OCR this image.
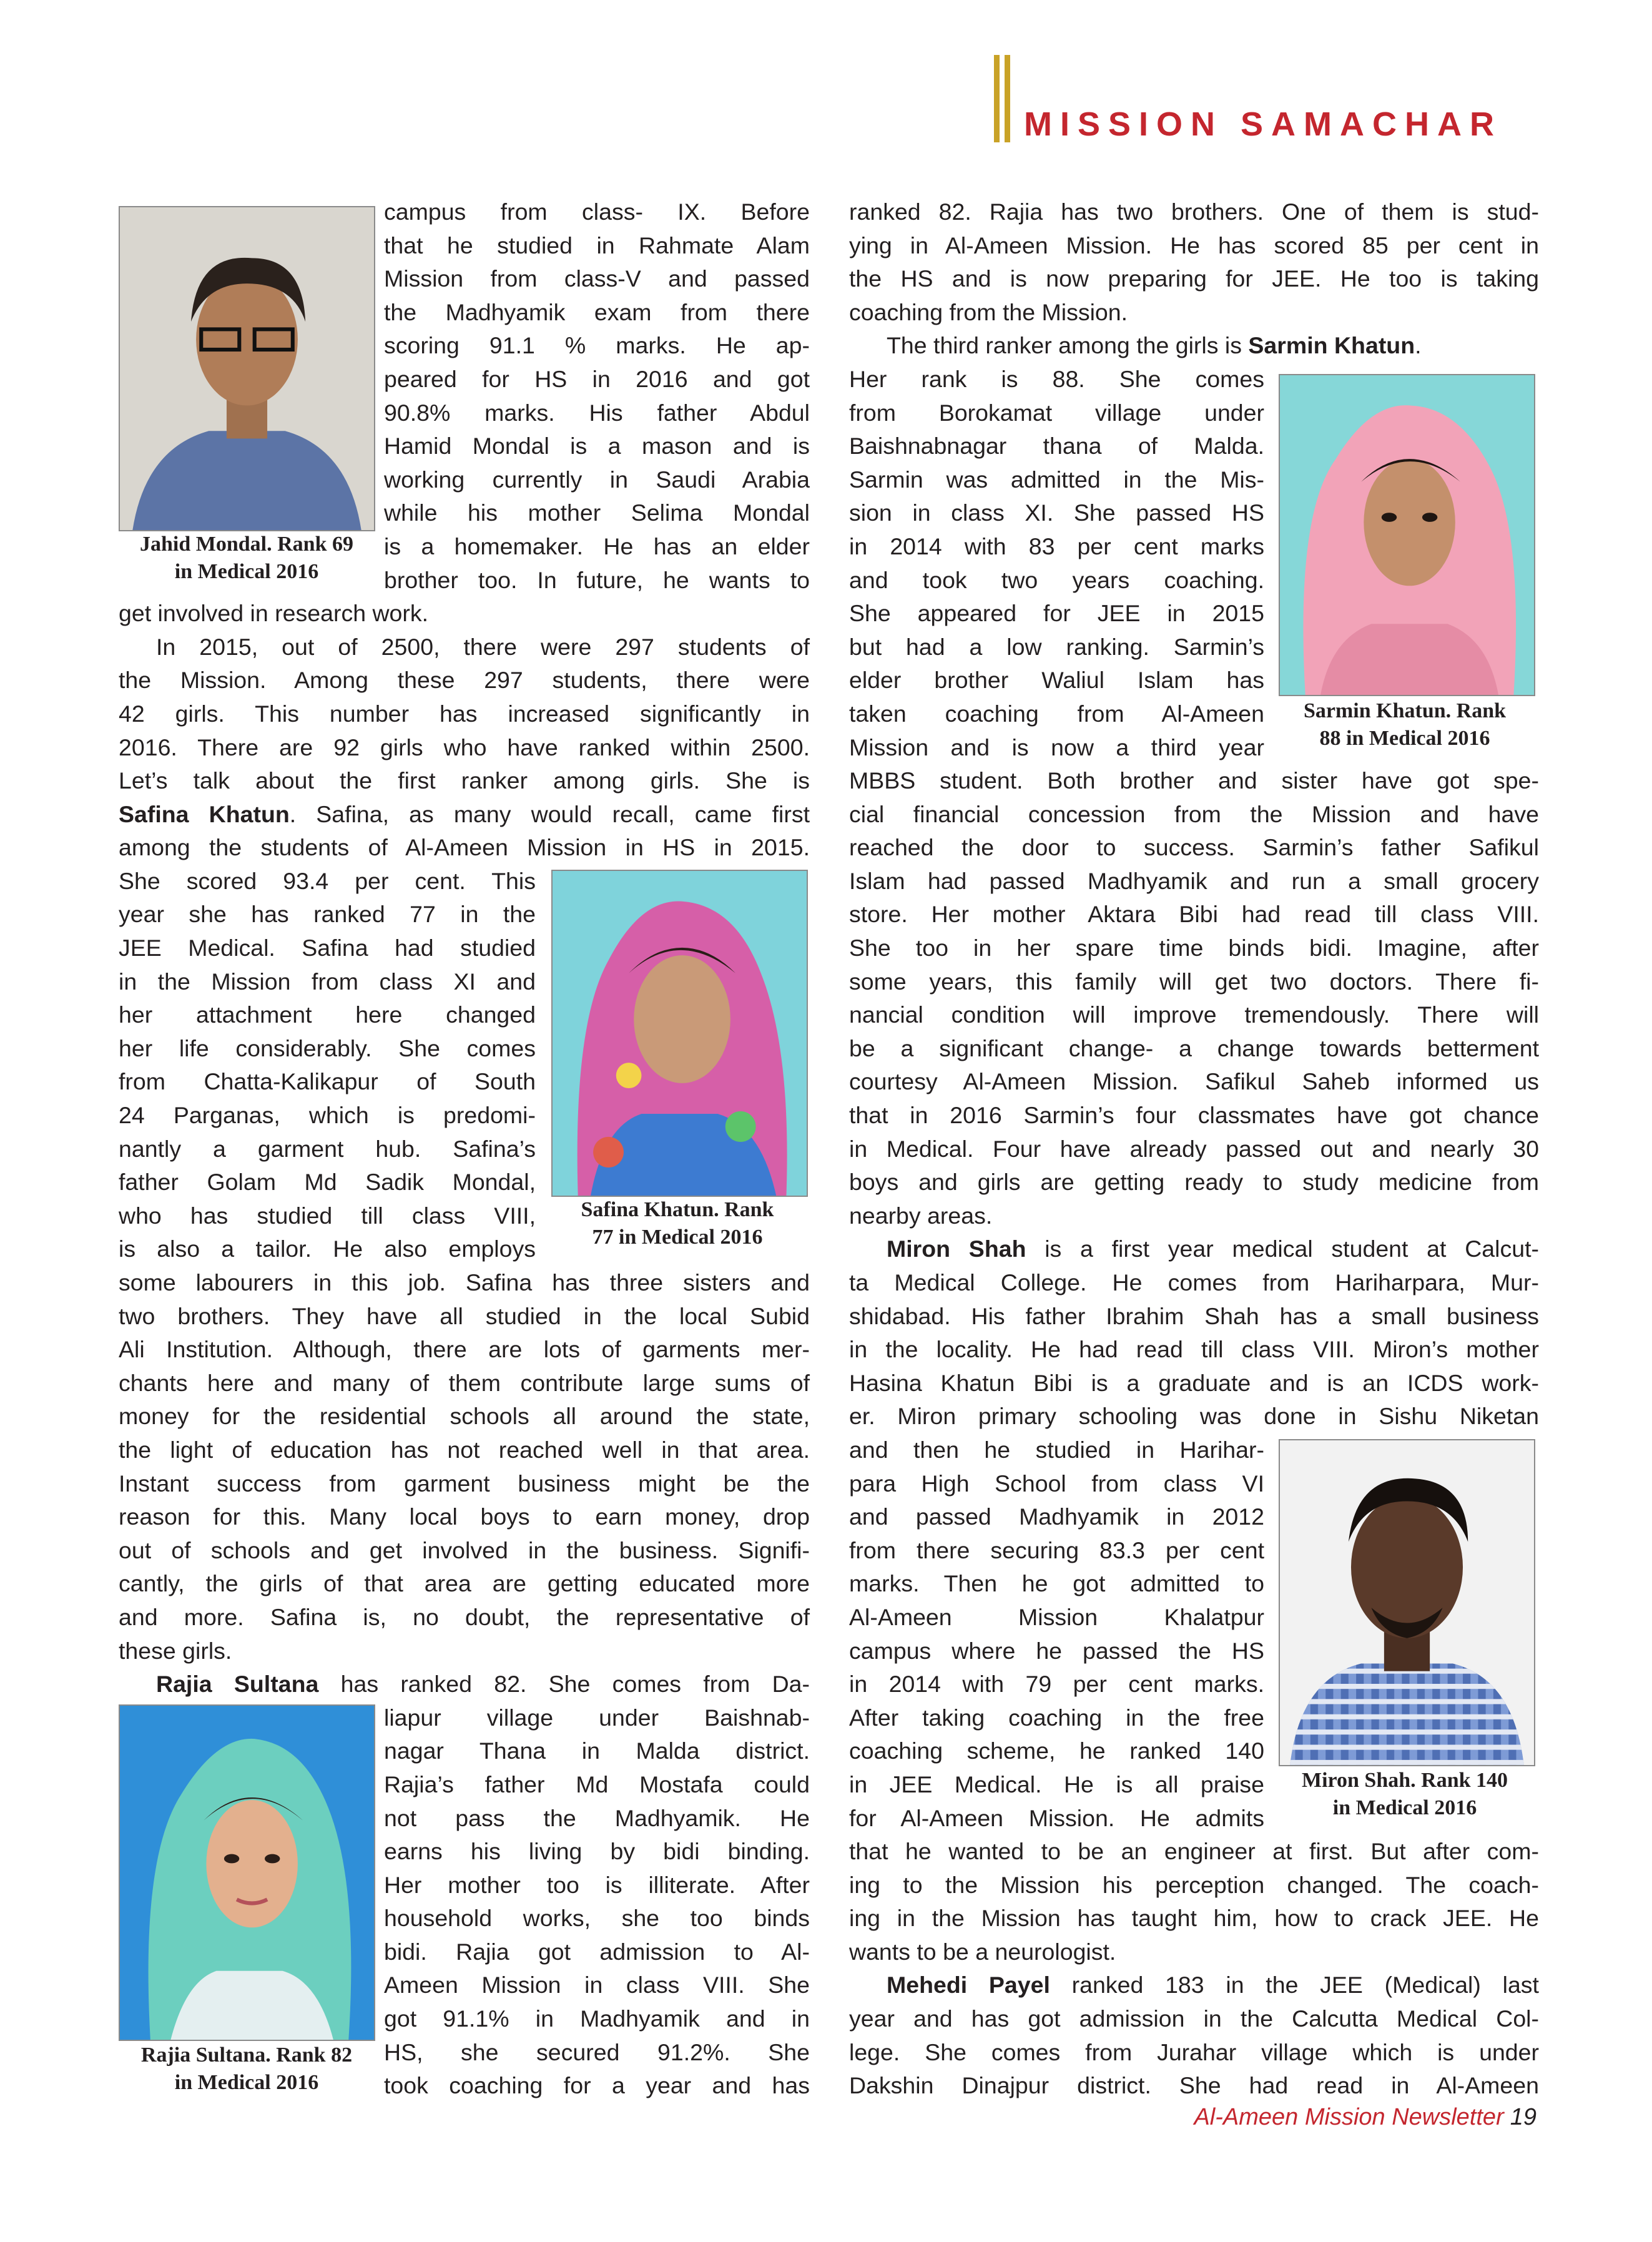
MISSION SAMACHAR
Jahid Mondal. Rank 69
in Medical 2016
Safina Khatun. Rank
77 in Medical 2016
Rajia Sultana. Rank 82
in Medical 2016
Sarmin Khatun. Rank
88 in Medical 2016
Miron Shah. Rank 140
in Medical 2016
campus from class- IX. Before
that he studied in Rahmate Alam
Mission from class-V and passed
the Madhyamik exam from there
scoring 91.1 % marks. He ap-
peared for HS in 2016 and got
90.8% marks. His father Abdul
Hamid Mondal is a mason and is
working currently in Saudi Arabia
while his mother Selima Mondal
is a homemaker. He has an elder
brother too. In future, he wants to
get involved in research work.
In 2015, out of 2500, there were 297 students of
the Mission. Among these 297 students, there were
42 girls. This number has increased significantly in
2016. There are 92 girls who have ranked within 2500.
Let’s talk about the first ranker among girls. She is
Safina Khatun. Safina, as many would recall, came first
among the students of Al-Ameen Mission in HS in 2015.
She scored 93.4 per cent. This
year she has ranked 77 in the
JEE Medical. Safina had studied
in the Mission from class XI and
her attachment here changed
her life considerably. She comes
from Chatta-Kalikapur of South
24 Parganas, which is predomi-
nantly a garment hub. Safina’s
father Golam Md Sadik Mondal,
who has studied till class VIII,
is also a tailor. He also employs
some labourers in this job. Safina has three sisters and
two brothers. They have all studied in the local Subid
Ali Institution. Although, there are lots of garments mer-
chants here and many of them contribute large sums of
money for the residential schools all around the state,
the light of education has not reached well in that area.
Instant success from garment business might be the
reason for this. Many local boys to earn money, drop
out of schools and get involved in the business. Signifi-
cantly, the girls of that area are getting educated more
and more. Safina is, no doubt, the representative of
these girls.
Rajia Sultana has ranked 82. She comes from Da-
liapur village under Baishnab-
nagar Thana in Malda district.
Rajia’s father Md Mostafa could
not pass the Madhyamik. He
earns his living by bidi binding.
Her mother too is illiterate. After
household works, she too binds
bidi. Rajia got admission to Al-
Ameen Mission in class VIII. She
got 91.1% in Madhyamik and in
HS, she secured 91.2%. She
took coaching for a year and has
ranked 82. Rajia has two brothers. One of them is stud-
ying in Al-Ameen Mission. He has scored 85 per cent in
the HS and is now preparing for JEE. He too is taking
coaching from the Mission.
The third ranker among the girls is Sarmin Khatun.
Her rank is 88. She comes
from Borokamat village under
Baishnabnagar thana of Malda.
Sarmin was admitted in the Mis-
sion in class XI. She passed HS
in 2014 with 83 per cent marks
and took two years coaching.
She appeared for JEE in 2015
but had a low ranking. Sarmin’s
elder brother Waliul Islam has
taken coaching from Al-Ameen
Mission and is now a third year
MBBS student. Both brother and sister have got spe-
cial financial concession from the Mission and have
reached the door to success. Sarmin’s father Safikul
Islam had passed Madhyamik and run a small grocery
store. Her mother Aktara Bibi had read till class VIII.
She too in her spare time binds bidi. Imagine, after
some years, this family will get two doctors. There fi-
nancial condition will improve tremendously. There will
be a significant change- a change towards betterment
courtesy Al-Ameen Mission. Safikul Saheb informed us
that in 2016 Sarmin’s four classmates have got chance
in Medical. Four have already passed out and nearly 30
boys and girls are getting ready to study medicine from
nearby areas.
Miron Shah is a first year medical student at Calcut-
ta Medical College. He comes from Hariharpara, Mur-
shidabad. His father Ibrahim Shah has a small business
in the locality. He had read till class VIII. Miron’s mother
Hasina Khatun Bibi is a graduate and is an ICDS work-
er. Miron primary schooling was done in Sishu Niketan
and then he studied in Harihar-
para High School from class VI
and passed Madhyamik in 2012
from there securing 83.3 per cent
marks. Then he got admitted to
Al-Ameen Mission Khalatpur
campus where he passed the HS
in 2014 with 79 per cent marks.
After taking coaching in the free
coaching scheme, he ranked 140
in JEE Medical. He is all praise
for Al-Ameen Mission. He admits
that he wanted to be an engineer at first. But after com-
ing to the Mission his perception changed. The coach-
ing in the Mission has taught him, how to crack JEE. He
wants to be a neurologist.
Mehedi Payel ranked 183 in the JEE (Medical) last
year and has got admission in the Calcutta Medical Col-
lege. She comes from Jurahar village which is under
Dakshin Dinajpur district. She had read in Al-Ameen
Al-Ameen Mission Newsletter 19
